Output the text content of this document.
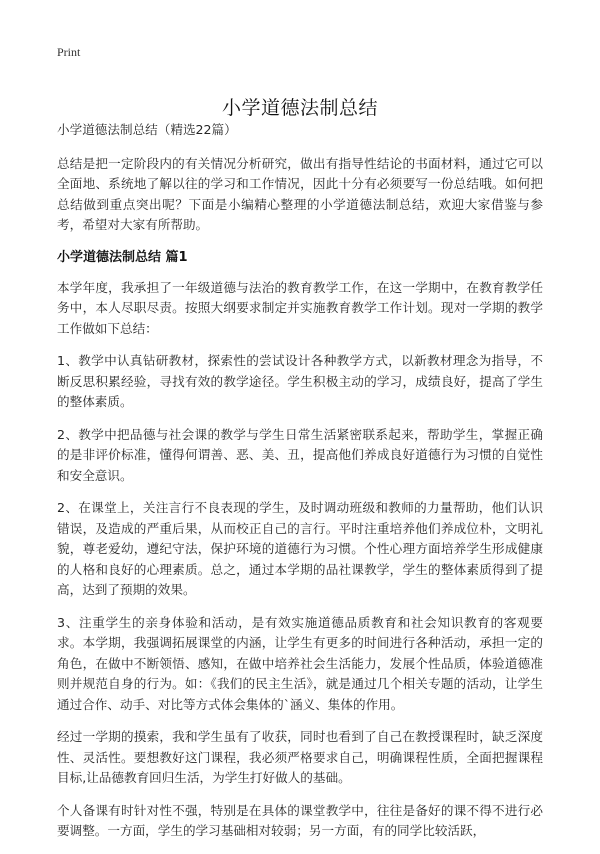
Print
小学道德法制总结

小学道德法制总结（精选22篇）

总结是把一定阶段内的有关情况分析研究，做出有指导性结论的书面材料，通过它可以全面地、系统地了解以往的学习和工作情况，因此十分有必须要写一份总结哦。如何把总结做到重点突出呢？下面是小编精心整理的小学道德法制总结，欢迎大家借鉴与参考，希望对大家有所帮助。

小学道德法制总结 篇1

本学年度，我承担了一年级道德与法治的教育教学工作，在这一学期中，在教育教学任务中，本人尽职尽责。按照大纲要求制定并实施教育教学工作计划。现对一学期的教学工作做如下总结：

1、教学中认真钻研教材，探索性的尝试设计各种教学方式，以新教材理念为指导，不断反思积累经验，寻找有效的教学途径。学生积极主动的学习，成绩良好，提高了学生的整体素质。

2、教学中把品德与社会课的教学与学生日常生活紧密联系起来，帮助学生，掌握正确的是非评价标准，懂得何谓善、恶、美、丑，提高他们养成良好道德行为习惯的自觉性和安全意识。

2、在课堂上，关注言行不良表现的学生，及时调动班级和教师的力量帮助，他们认识错误，及造成的严重后果，从而校正自己的言行。平时注重培养他们养成位朴，文明礼貌，尊老爱幼，遵纪守法，保护环境的道德行为习惯。个性心理方面培养学生形成健康的人格和良好的心理素质。总之，通过本学期的品社课教学，学生的整体素质得到了提高，达到了预期的效果。

3、注重学生的亲身体验和活动，是有效实施道德品质教育和社会知识教育的客观要求。本学期，我强调拓展课堂的内涵，让学生有更多的时间进行各种活动，承担一定的角色，在做中不断领悟、感知，在做中培养社会生活能力，发展个性品质，体验道德准则并规范自身的行为。如：《我们的民主生活》，就是通过几个相关专题的活动，让学生通过合作、动手、对比等方式体会集体的`涵义、集体的作用。

经过一学期的摸索，我和学生虽有了收获，同时也看到了自己在教授课程时，缺乏深度性、灵活性。要想教好这门课程，我必须严格要求自己，明确课程性质，全面把握课程目标,让品德教育回归生活，为学生打好做人的基础。

个人备课有时针对性不强，特别是在具体的课堂教学中，往往是备好的课不得不进行必要调整。一方面，学生的学习基础相对较弱；另一方面，有的同学比较活跃，
